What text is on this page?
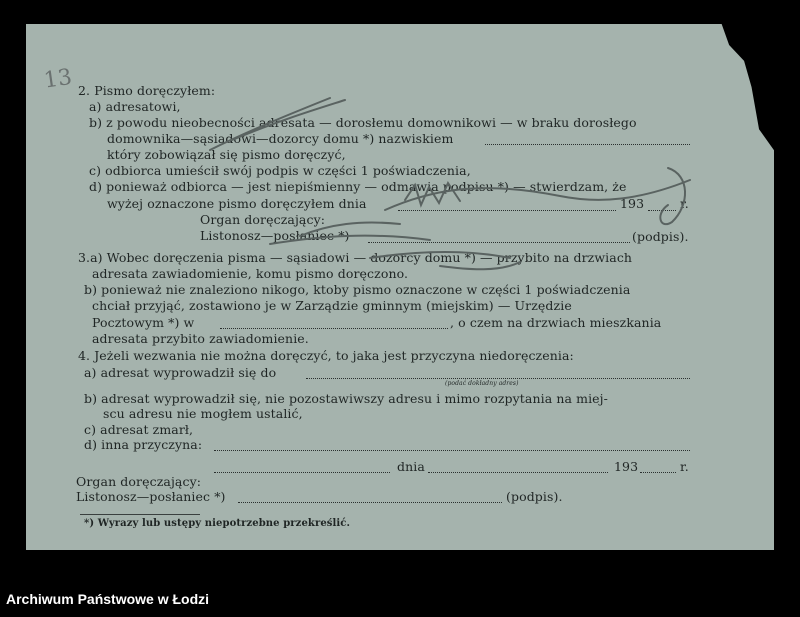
2. Pismo doręczyłem:
a) adresatowi,
b) z powodu nieobecności adresata — dorosłemu domownikowi — w braku dorosłego
domownika—sąsiadowi—dozorcy domu *) nazwiskiem
który zobowiązał się pismo doręczyć,
c) odbiorca umieścił swój podpis w części 1 poświadczenia,
d) ponieważ odbiorca — jest niepiśmienny — odmawia podpisu *) — stwierdzam, że
wyżej oznaczone pismo doręczyłem dnia	193	r.
Organ doręczający:
Listonosz—posłaniec *)	(podpis).
3.a) Wobec doręczenia pisma — sąsiadowi — dozorcy domu *) — przybito na drzwiach
adresata zawiadomienie, komu pismo doręczono.
b) ponieważ nie znaleziono nikogo, ktoby pismo oznaczone w części 1 poświadczenia
chciał przyjąć, zostawiono je w Zarządzie gminnym (miejskim) — Urzędzie
Pocztowym *) w	, o czem na drzwiach mieszkania
adresata przybito zawiadomienie.
4. Jeżeli wezwania nie można doręczyć, to jaka jest przyczyna niedoręczenia:
a) adresat wyprowadził się do
(podać dokładny adres)
b) adresat wyprowadził się, nie pozostawiwszy adresu i mimo rozpytania na miej-
scu adresu nie mogłem ustalić,
c) adresat zmarł,
d) inna przyczyna:
dnia	193	r.
Organ doręczający:
Listonosz—posłaniec *)	(podpis).
*) Wyrazy lub ustępy niepotrzebne przekreślić.
13
Archiwum Państwowe w Łodzi
